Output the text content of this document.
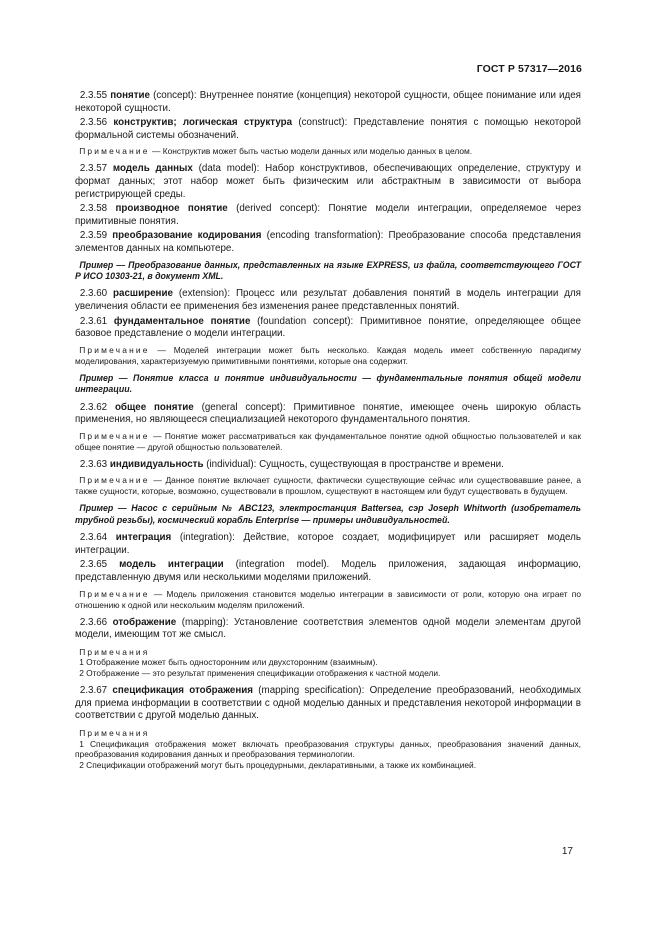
ГОСТ Р 57317—2016

2.3.55 понятие (concept): Внутреннее понятие (концепция) некоторой сущности, общее понимание или идея некоторой сущности.

2.3.56 конструктив; логическая структура (construct): Представление понятия с помощью некоторой формальной системы обозначений.

Примечание — Конструктив может быть частью модели данных или моделью данных в целом.

2.3.57 модель данных (data model): Набор конструктивов, обеспечивающих определение, структуру и формат данных; этот набор может быть физическим или абстрактным в зависимости от выбора регистрирующей среды.

2.3.58 производное понятие (derived concept): Понятие модели интеграции, определяемое через примитивные понятия.

2.3.59 преобразование кодирования (encoding transformation): Преобразование способа представления элементов данных на компьютере.

Пример — Преобразование данных, представленных на языке EXPRESS, из файла, соответствующего ГОСТ Р ИСО 10303-21, в документ XML.

2.3.60 расширение (extension): Процесс или результат добавления понятий в модель интеграции для увеличения области ее применения без изменения ранее представленных понятий.

2.3.61 фундаментальное понятие (foundation concept): Примитивное понятие, определяющее общее базовое представление о модели интеграции.

Примечание — Моделей интеграции может быть несколько. Каждая модель имеет собственную парадигму моделирования, характеризуемую примитивными понятиями, которые она содержит.

Пример — Понятие класса и понятие индивидуальности — фундаментальные понятия общей модели интеграции.

2.3.62 общее понятие (general concept): Примитивное понятие, имеющее очень широкую область применения, но являющееся специализацией некоторого фундаментального понятия.

Примечание — Понятие может рассматриваться как фундаментальное понятие одной общностью пользователей и как общее понятие — другой общностью пользователей.

2.3.63 индивидуальность (individual): Сущность, существующая в пространстве и времени.

Примечание — Данное понятие включает сущности, фактически существующие сейчас или существовавшие ранее, а также сущности, которые, возможно, существовали в прошлом, существуют в настоящем или будут существовать в будущем.

Пример — Насос с серийным № ABC123, электростанция Battersea, сэр Joseph Whitworth (изобретатель трубной резьбы), космический корабль Enterprise — примеры индивидуальностей.

2.3.64 интеграция (integration): Действие, которое создает, модифицирует или расширяет модель интеграции.

2.3.65 модель интеграции (integration model). Модель приложения, задающая информацию, представленную двумя или несколькими моделями приложений.

Примечание — Модель приложения становится моделью интеграции в зависимости от роли, которую она играет по отношению к одной или нескольким моделям приложений.

2.3.66 отображение (mapping): Установление соответствия элементов одной модели элементам другой модели, имеющим тот же смысл.

Примечания
1 Отображение может быть односторонним или двухсторонним (взаимным).
2 Отображение — это результат применения спецификации отображения к частной модели.

2.3.67 спецификация отображения (mapping specification): Определение преобразований, необходимых для приема информации в соответствии с одной моделью данных и представления некоторой информации в соответствии с другой моделью данных.

Примечания
1 Спецификация отображения может включать преобразования структуры данных, преобразования значений данных, преобразования кодирования данных и преобразования терминологии.
2 Спецификации отображений могут быть процедурными, декларативными, а также их комбинацией.
17
